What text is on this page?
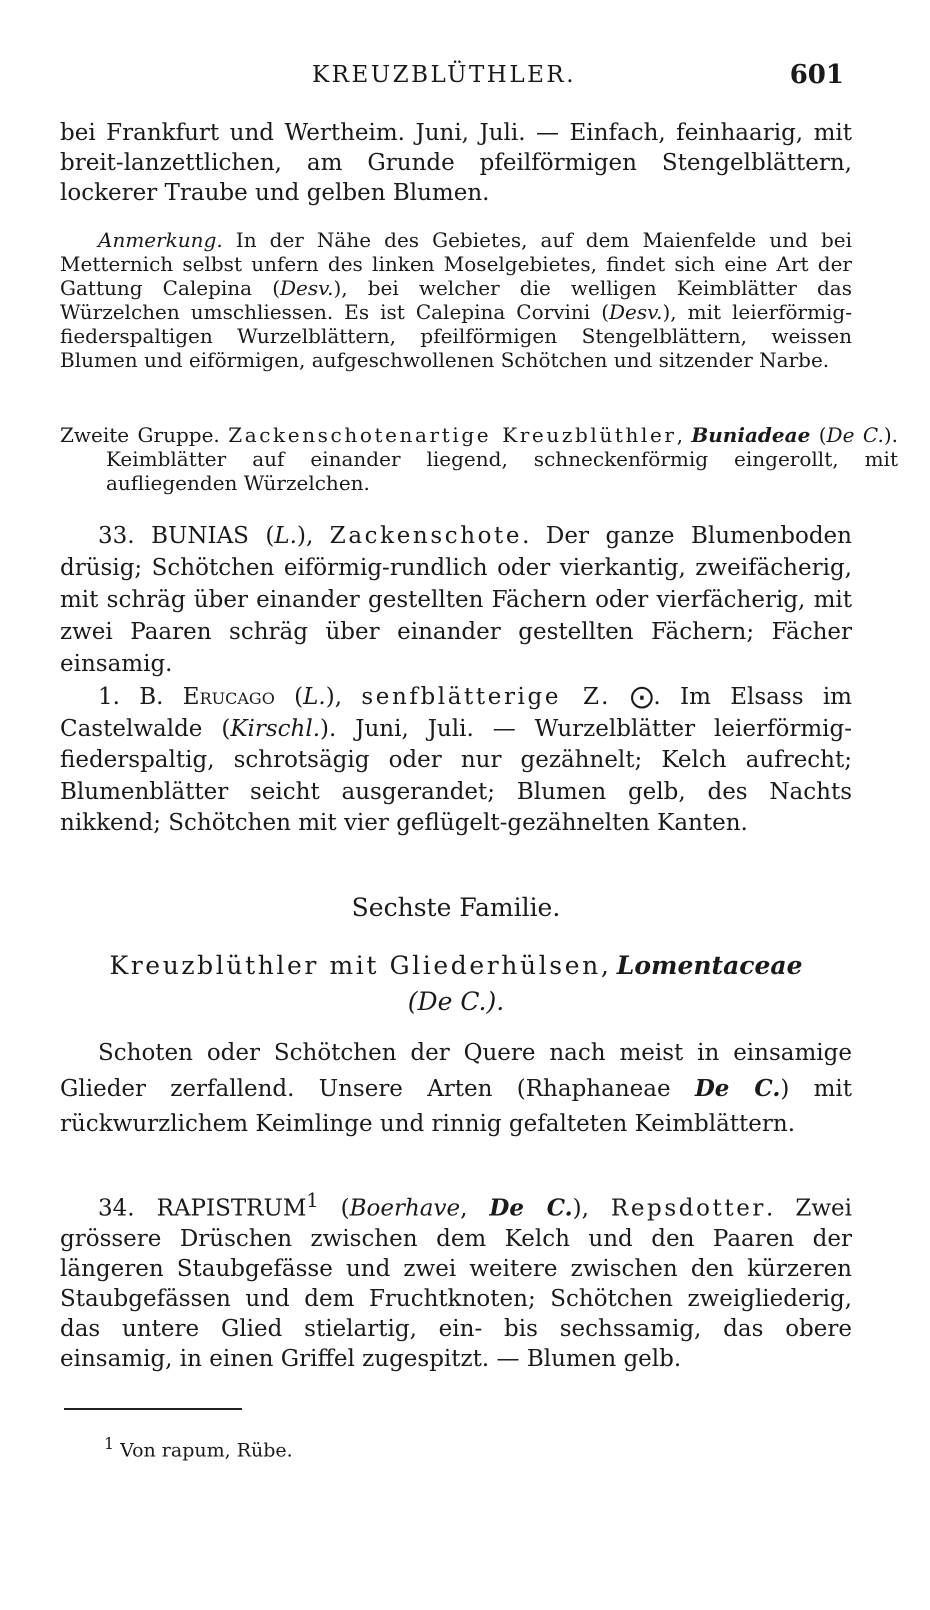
KREUZBLÜTHLER.	601

bei Frankfurt und Wertheim. Juni, Juli. — Einfach, feinhaarig, mit breit-lanzettlichen, am Grunde pfeilförmigen Stengelblättern, lockerer Traube und gelben Blumen.

Anmerkung. In der Nähe des Gebietes, auf dem Maienfelde und bei Metternich selbst unfern des linken Moselgebietes, findet sich eine Art der Gattung Calepina (Desv.), bei welcher die welligen Keimblätter das Würzelchen umschliessen. Es ist Calepina Corvini (Desv.), mit leierförmig-fiederspaltigen Wurzelblättern, pfeilförmigen Stengelblättern, weissen Blumen und eiförmigen, aufgeschwollenen Schötchen und sitzender Narbe.

Zweite Gruppe. Zackenschotenartige Kreuzblüthler, Buniadeae (De C.). Keimblätter auf einander liegend, schneckenförmig eingerollt, mit aufliegenden Würzelchen.

33. BUNIAS (L.), Zackenschote. Der ganze Blumenboden drüsig; Schötchen eiförmig-rundlich oder vierkantig, zweifächerig, mit schräg über einander gestellten Fächern oder vierfächerig, mit zwei Paaren schräg über einander gestellten Fächern; Fächer einsamig.

1. B. Erucago (L.), senfblätterige Z. ⨀. Im Elsass im Castelwalde (Kirschl.). Juni, Juli. — Wurzelblätter leierförmig-fiederspaltig, schrotsägig oder nur gezähnelt; Kelch aufrecht; Blumenblätter seicht ausgerandet; Blumen gelb, des Nachts nikkend; Schötchen mit vier geflügelt-gezähnelten Kanten.

Sechste Familie.

Kreuzblüthler mit Gliederhülsen, Lomentaceae
(De C.).

Schoten oder Schötchen der Quere nach meist in einsamige Glieder zerfallend. Unsere Arten (Rhaphaneae De C.) mit rückwurzlichem Keimlinge und rinnig gefalteten Keimblättern.

34. RAPISTRUM$^1$ (Boerhave, De C.), Repsdotter. Zwei grössere Drüschen zwischen dem Kelch und den Paaren der längeren Staubgefässe und zwei weitere zwischen den kürzeren Staubgefässen und dem Fruchtknoten; Schötchen zweigliederig, das untere Glied stielartig, ein- bis sechssamig, das obere einsamig, in einen Griffel zugespitzt. — Blumen gelb.

$^1$ Von rapum, Rübe.
